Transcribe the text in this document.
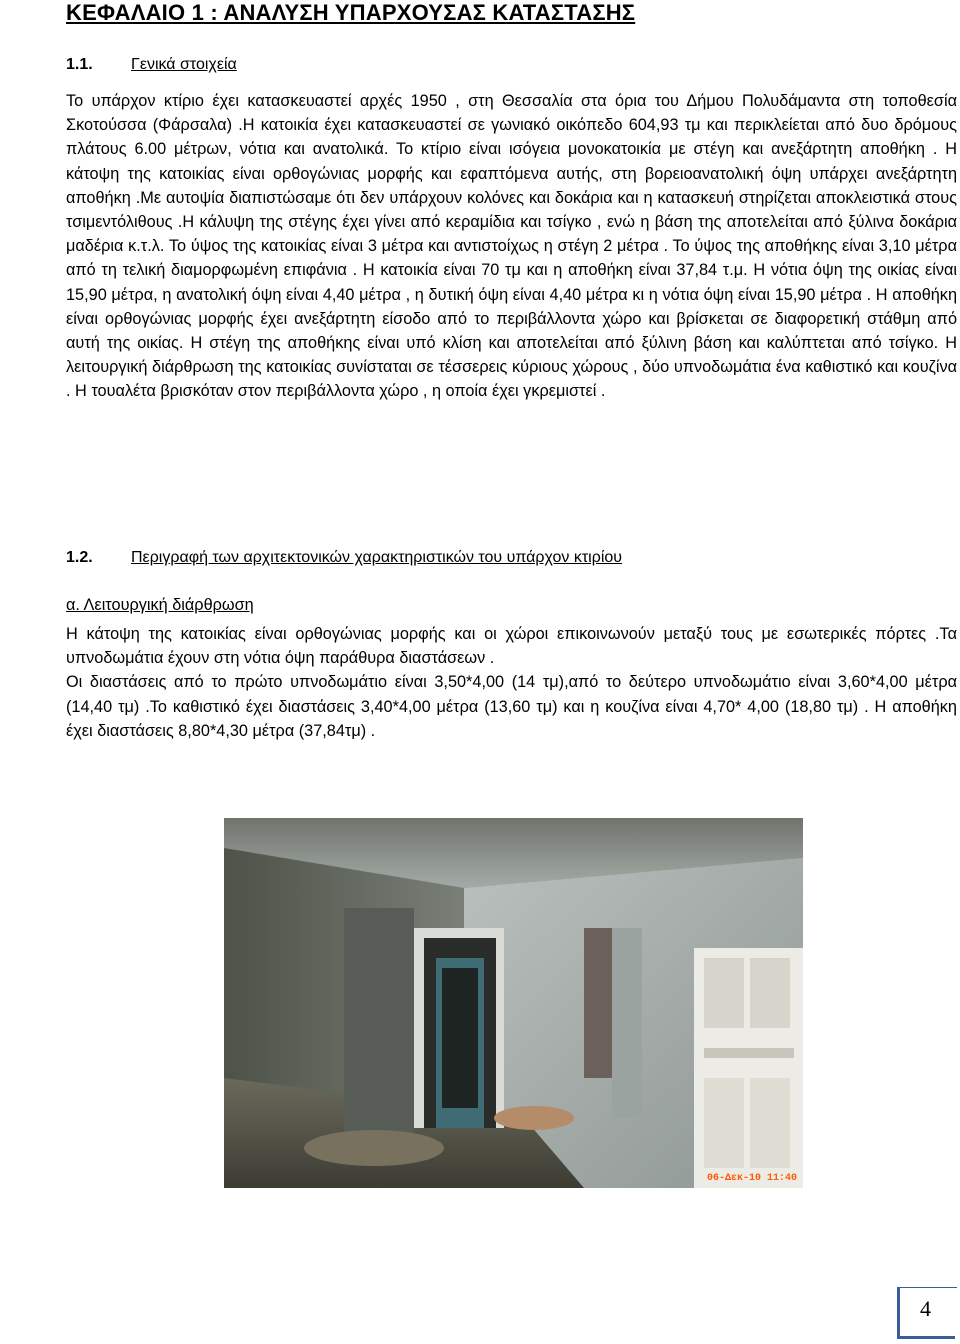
ΚΕΦΑΛΑΙΟ 1 : ΑΝΑΛΥΣΗ ΥΠΑΡΧΟΥΣΑΣ ΚΑΤΑΣΤΑΣΗΣ
1.1. Γενικά στοιχεία

Το υπάρχον κτίριο έχει κατασκευαστεί αρχές 1950 , στη Θεσσαλία στα όρια του Δήμου Πολυδάμαντα στη τοποθεσία Σκοτούσσα (Φάρσαλα) .Η κατοικία έχει κατασκευαστεί σε γωνιακό οικόπεδο 604,93 τμ και περικλείεται από δυο δρόμους πλάτους 6.00 μέτρων, νότια και ανατολικά. Το κτίριο είναι ισόγεια μονοκατοικία με στέγη και ανεξάρτητη αποθήκη . Η κάτοψη της κατοικίας είναι ορθογώνιας μορφής και εφαπτόμενα αυτής, στη βορειοανατολική όψη υπάρχει ανεξάρτητη αποθήκη .Με αυτοψία διαπιστώσαμε ότι δεν υπάρχουν κολόνες και δοκάρια και η κατασκευή στηρίζεται αποκλειστικά στους τσιμεντόλιθους .Η κάλυψη της στέγης έχει γίνει από κεραμίδια και τσίγκο , ενώ η βάση της αποτελείται από ξύλινα δοκάρια μαδέρια κ.τ.λ. Το ύψος της κατοικίας είναι 3 μέτρα και αντιστοίχως η στέγη 2 μέτρα . Το ύψος της αποθήκης είναι 3,10 μέτρα από τη τελική διαμορφωμένη επιφάνια . Η κατοικία είναι 70 τμ και η αποθήκη είναι 37,84 τ.μ. Η νότια όψη της οικίας είναι 15,90 μέτρα, η ανατολική όψη είναι 4,40 μέτρα , η δυτική όψη είναι 4,40 μέτρα κι η νότια όψη είναι 15,90 μέτρα . Η αποθήκη είναι ορθογώνιας μορφής έχει ανεξάρτητη είσοδο από το περιβάλλοντα χώρο και βρίσκεται σε διαφορετική στάθμη από αυτή της οικίας. Η στέγη της αποθήκης είναι υπό κλίση και αποτελείται από ξύλινη βάση και καλύπτεται από τσίγκο. Η λειτουργική διάρθρωση της κατοικίας συνίσταται σε τέσσερεις κύριους χώρους , δύο υπνοδωμάτια ένα καθιστικό και κουζίνα . Η τουαλέτα βρισκόταν στον περιβάλλοντα χώρο , η οποία έχει γκρεμιστεί .

1.2. Περιγραφή των αρχιτεκτονικών χαρακτηριστικών του υπάρχον κτιρίου
α. Λειτουργική διάρθρωση

Η κάτοψη της κατοικίας είναι ορθογώνιας μορφής και οι χώροι επικοινωνούν μεταξύ τους με εσωτερικές πόρτες .Τα υπνοδωμάτια έχουν στη νότια όψη παράθυρα διαστάσεων .

Οι διαστάσεις από το πρώτο υπνοδωμάτιο είναι 3,50*4,00 (14 τμ),από το δεύτερο υπνοδωμάτιο είναι 3,60*4,00 μέτρα (14,40 τμ) .Το καθιστικό έχει διαστάσεις 3,40*4,00 μέτρα (13,60 τμ) και η κουζίνα είναι 4,70* 4,00 (18,80 τμ) . Η αποθήκη έχει διαστάσεις 8,80*4,30 μέτρα (37,84τμ) .

06-Δεκ-10 11:40
4
